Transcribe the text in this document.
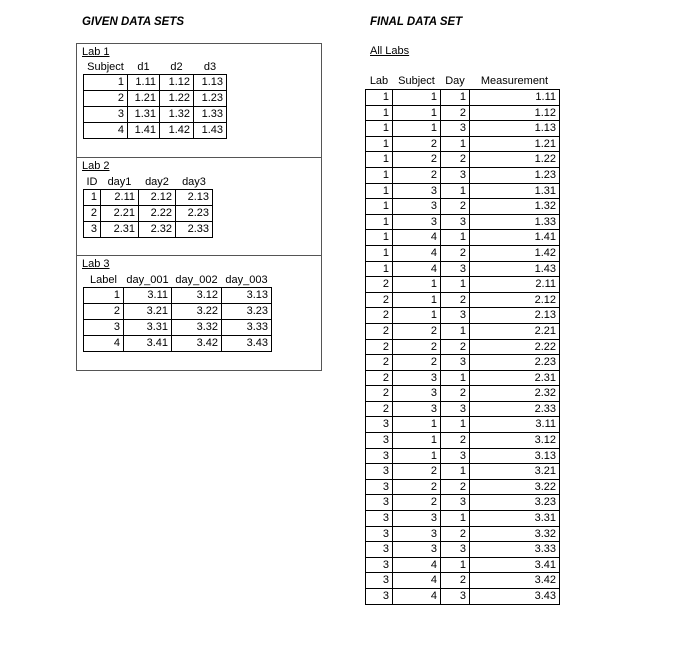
GIVEN DATA SETS	FINAL DATA SET
Lab 1
Subject	d1	d2	d3
1	1.11	1.12	1.13
2	1.21	1.22	1.23
3	1.31	1.32	1.33
4	1.41	1.42	1.43
Lab 2
ID	day1	day2	day3
1	2.11	2.12	2.13
2	2.21	2.22	2.23
3	2.31	2.32	2.33
Lab 3
Label	day_001	day_002	day_003
1	3.11	3.12	3.13
2	3.21	3.22	3.23
3	3.31	3.32	3.33
4	3.41	3.42	3.43
All Labs
Lab	Subject	Day	Measurement
1	1	1	1.11
1	1	2	1.12
1	1	3	1.13
1	2	1	1.21
1	2	2	1.22
1	2	3	1.23
1	3	1	1.31
1	3	2	1.32
1	3	3	1.33
1	4	1	1.41
1	4	2	1.42
1	4	3	1.43
2	1	1	2.11
2	1	2	2.12
2	1	3	2.13
2	2	1	2.21
2	2	2	2.22
2	2	3	2.23
2	3	1	2.31
2	3	2	2.32
2	3	3	2.33
3	1	1	3.11
3	1	2	3.12
3	1	3	3.13
3	2	1	3.21
3	2	2	3.22
3	2	3	3.23
3	3	1	3.31
3	3	2	3.32
3	3	3	3.33
3	4	1	3.41
3	4	2	3.42
3	4	3	3.43
